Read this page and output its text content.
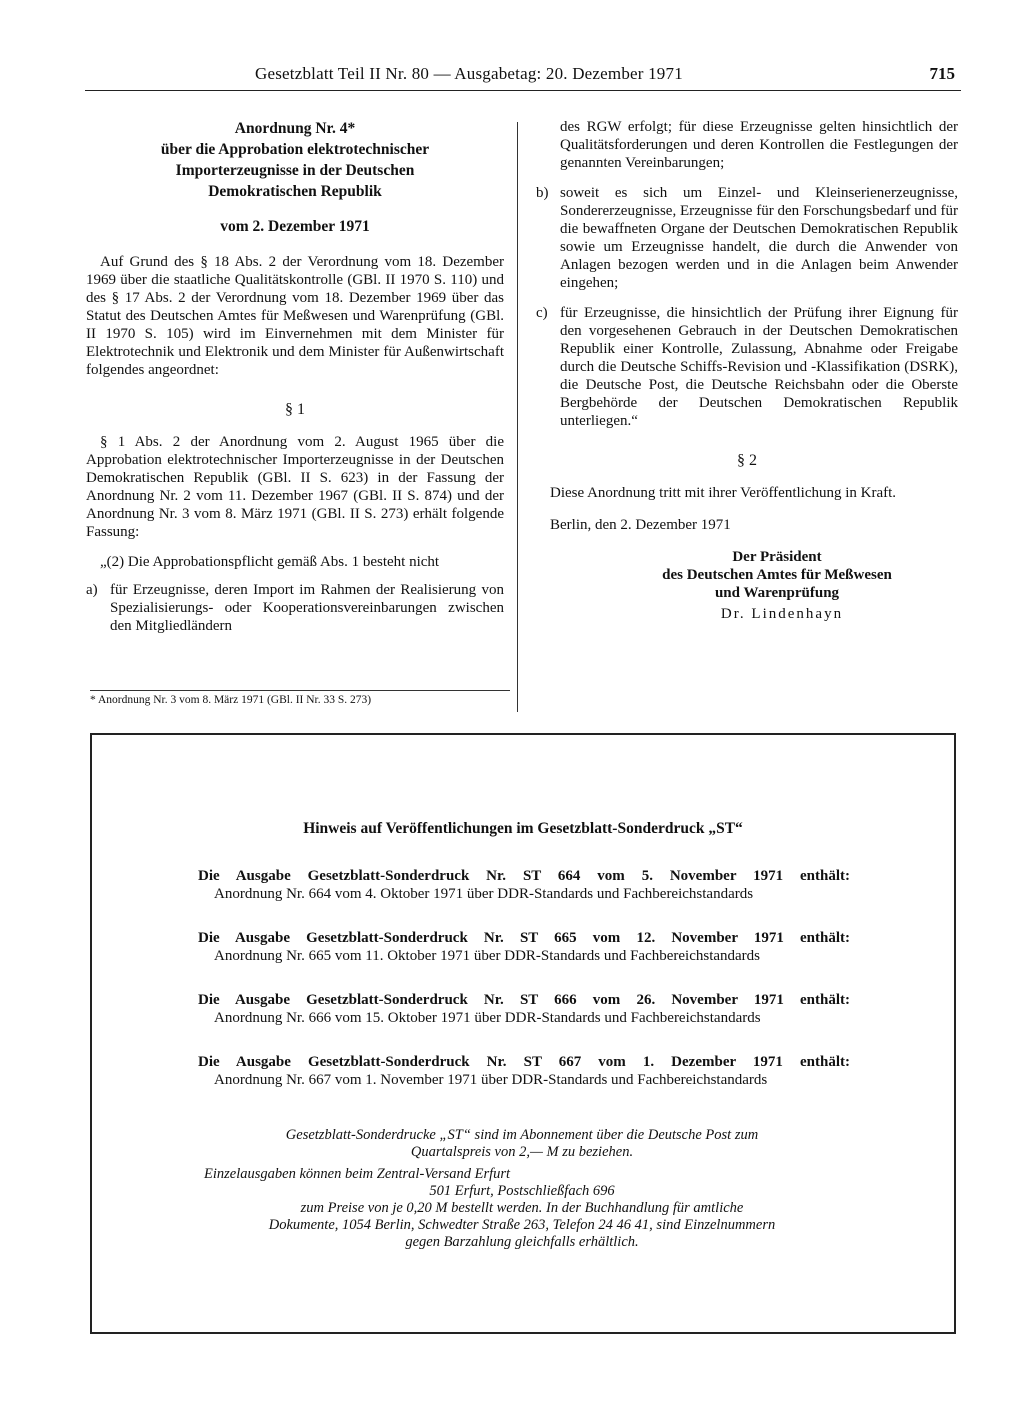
Gesetzblatt Teil II Nr. 80 — Ausgabetag: 20. Dezember 1971	715
Anordnung Nr. 4*
über die Approbation elektrotechnischer
Importerzeugnisse in der Deutschen
Demokratischen Republik
vom 2. Dezember 1971

Auf Grund des § 18 Abs. 2 der Verordnung vom 18. Dezember 1969 über die staatliche Qualitätskontrolle (GBl. II 1970 S. 110) und des § 17 Abs. 2 der Verordnung vom 18. Dezember 1969 über das Statut des Deutschen Amtes für Meßwesen und Warenprüfung (GBl. II 1970 S. 105) wird im Einvernehmen mit dem Minister für Elektrotechnik und Elektronik und dem Minister für Außenwirtschaft folgendes angeordnet:

§ 1

§ 1 Abs. 2 der Anordnung vom 2. August 1965 über die Approbation elektrotechnischer Importerzeugnisse in der Deutschen Demokratischen Republik (GBl. II S. 623) in der Fassung der Anordnung Nr. 2 vom 11. Dezember 1967 (GBl. II S. 874) und der Anordnung Nr. 3 vom 8. März 1971 (GBl. II S. 273) erhält folgende Fassung:

„(2) Die Approbationspflicht gemäß Abs. 1 besteht nicht

a) für Erzeugnisse, deren Import im Rahmen der Realisierung von Spezialisierungs- oder Kooperationsvereinbarungen zwischen den Mitgliedländern
* Anordnung Nr. 3 vom 8. März 1971 (GBl. II Nr. 33 S. 273)

des RGW erfolgt; für diese Erzeugnisse gelten hinsichtlich der Qualitätsforderungen und deren Kontrollen die Festlegungen der genannten Vereinbarungen;

b) soweit es sich um Einzel- und Kleinserienerzeugnisse, Sondererzeugnisse, Erzeugnisse für den Forschungsbedarf und für die bewaffneten Organe der Deutschen Demokratischen Republik sowie um Erzeugnisse handelt, die durch die Anwender von Anlagen bezogen werden und in die Anlagen beim Anwender eingehen;
c) für Erzeugnisse, die hinsichtlich der Prüfung ihrer Eignung für den vorgesehenen Gebrauch in der Deutschen Demokratischen Republik einer Kontrolle, Zulassung, Abnahme oder Freigabe durch die Deutsche Schiffs-Revision und -Klassifikation (DSRK), die Deutsche Post, die Deutsche Reichsbahn oder die Oberste Bergbehörde der Deutschen Demokratischen Republik unterliegen.“
§ 2

Diese Anordnung tritt mit ihrer Veröffentlichung in Kraft.

Berlin, den 2. Dezember 1971
Der Präsident
des Deutschen Amtes für Meßwesen
und Warenprüfung
Dr. Lindenhayn
Hinweis auf Veröffentlichungen im Gesetzblatt-Sonderdruck „ST“
Die Ausgabe Gesetzblatt-Sonderdruck Nr. ST 664 vom 5. November 1971 enthält:
Anordnung Nr. 664 vom 4. Oktober 1971 über DDR-Standards und Fachbereichstandards
Die Ausgabe Gesetzblatt-Sonderdruck Nr. ST 665 vom 12. November 1971 enthält:
Anordnung Nr. 665 vom 11. Oktober 1971 über DDR-Standards und Fachbereichstandards
Die Ausgabe Gesetzblatt-Sonderdruck Nr. ST 666 vom 26. November 1971 enthält:
Anordnung Nr. 666 vom 15. Oktober 1971 über DDR-Standards und Fachbereichstandards
Die Ausgabe Gesetzblatt-Sonderdruck Nr. ST 667 vom 1. Dezember 1971 enthält:
Anordnung Nr. 667 vom 1. November 1971 über DDR-Standards und Fachbereichstandards
Gesetzblatt-Sonderdrucke „ST“ sind im Abonnement über die Deutsche Post zum
Quartalspreis von 2,— M zu beziehen.
Einzelausgaben können beim Zentral-Versand Erfurt
501 Erfurt, Postschließfach 696
zum Preise von je 0,20 M bestellt werden. In der Buchhandlung für amtliche
Dokumente, 1054 Berlin, Schwedter Straße 263, Telefon 24 46 41, sind Einzelnummern
gegen Barzahlung gleichfalls erhältlich.
